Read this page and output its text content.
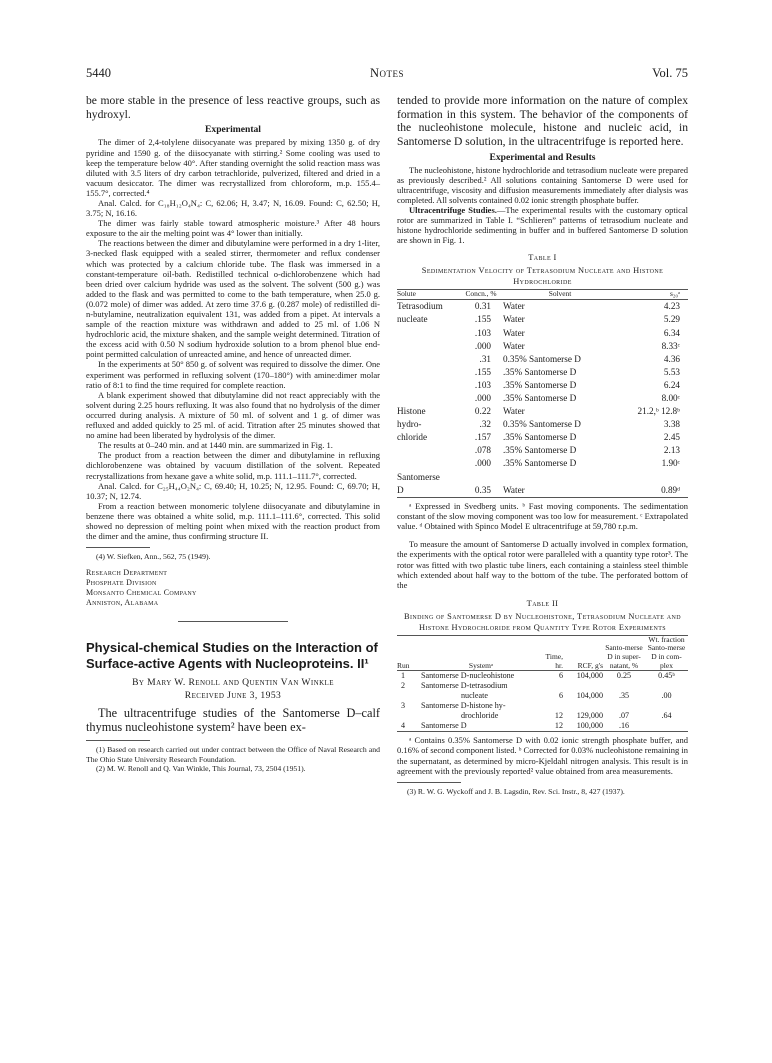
5440	Notes	Vol. 75

be more stable in the presence of less reactive groups, such as hydroxyl.

Experimental

The dimer of 2,4-tolylene diisocyanate was prepared by mixing 1350 g. of dry pyridine and 1590 g. of the diisocyanate with stirring.² Some cooling was used to keep the temperature below 40°. After standing overnight the solid reaction mass was diluted with 3.5 liters of dry carbon tetrachloride, pulverized, filtered and dried in a vacuum desiccator. The dimer was recrystallized from chloroform, m.p. 155.4–155.7°, corrected.⁴

Anal. Calcd. for C₁₈H₁₂O₄N₄: C, 62.06; H, 3.47; N, 16.09. Found: C, 62.50; H, 3.75; N, 16.16.

The dimer was fairly stable toward atmospheric moisture.³ After 48 hours exposure to the air the melting point was 4° lower than initially.

The reactions between the dimer and dibutylamine were performed in a dry 1-liter, 3-necked flask equipped with a sealed stirrer, thermometer and reflux condenser which was protected by a calcium chloride tube. The flask was immersed in a constant-temperature oil-bath. Redistilled technical o-dichlorobenzene which had been dried over calcium hydride was used as the solvent. The solvent (500 g.) was added to the flask and was permitted to come to the bath temperature, when 25.0 g. (0.072 mole) of dimer was added. At zero time 37.6 g. (0.287 mole) of redistilled di-n-butylamine, neutralization equivalent 131, was added from a pipet. At intervals a sample of the reaction mixture was withdrawn and added to 25 ml. of 1.06 N hydrochloric acid, the mixture shaken, and the sample weight determined. Titration of the excess acid with 0.50 N sodium hydroxide solution to a brom phenol blue end-point permitted calculation of unreacted amine, and hence of unreacted dimer.

In the experiments at 50° 850 g. of solvent was required to dissolve the dimer. One experiment was performed in refluxing solvent (170–180°) with amine:dimer molar ratio of 8:1 to find the time required for complete reaction.

A blank experiment showed that dibutylamine did not react appreciably with the solvent during 2.25 hours refluxing. It was also found that no hydrolysis of the dimer occurred during analysis. A mixture of 50 ml. of solvent and 1 g. of dimer was refluxed and added quickly to 25 ml. of acid. Titration after 25 minutes showed that no amine had been liberated by hydrolysis of the dimer.

The results at 0–240 min. and at 1440 min. are summarized in Fig. 1.

The product from a reaction between the dimer and dibutylamine in refluxing dichlorobenzene was obtained by vacuum distillation of the solvent. Repeated recrystallizations from hexane gave a white solid, m.p. 111.1–111.7°, corrected.

Anal. Calcd. for C₂₅H₄₄O₂N₄: C, 69.40; H, 10.25; N, 12.95. Found: C, 69.70; H, 10.37; N, 12.74.

From a reaction between monomeric tolylene diisocyanate and dibutylamine in benzene there was obtained a white solid, m.p. 111.1–111.6°, corrected. This solid showed no depression of melting point when mixed with the reaction product from the dimer and the amine, thus confirming structure II.

(4) W. Siefken, Ann., 562, 75 (1949).

Research Department
Phosphate Division
Monsanto Chemical Company
Anniston, Alabama
Physical-chemical Studies on the Interaction of Surface-active Agents with Nucleoproteins. II¹
By Mary W. Renoll and Quentin Van Winkle
Received June 3, 1953

The ultracentrifuge studies of the Santomerse D–calf thymus nucleohistone system² have been ex-

(1) Based on research carried out under contract between the Office of Naval Research and The Ohio State University Research Foundation.

(2) M. W. Renoll and Q. Van Winkle, This Journal, 73, 2504 (1951).

tended to provide more information on the nature of complex formation in this system. The behavior of the components of the nucleohistone molecule, histone and nucleic acid, in Santomerse D solution, in the ultracentrifuge is reported here.

Experimental and Results

The nucleohistone, histone hydrochloride and tetrasodium nucleate were prepared as previously described.² All solutions containing Santomerse D were used for ultracentrifuge, viscosity and diffusion measurements immediately after dialysis was completed. All solvents contained 0.02 ionic strength phosphate buffer.

Ultracentrifuge Studies.—The experimental results with the customary optical rotor are summarized in Table I. “Schlieren” patterns of tetrasodium nucleate and histone hydrochloride sedimenting in buffer and in buffered Santomerse D solution are shown in Fig. 1.

Table I
Sedimentation Velocity of Tetrasodium Nucleate and Histone Hydrochloride
Solute	Concn., %	Solvent	s₂₀ᵃ
Tetrasodium	0.31	Water	4.23
nucleate	.155	Water	5.29
	.103	Water	6.34
	.000	Water	8.33ᶜ
	.31	0.35% Santomerse D	4.36
	.155	.35% Santomerse D	5.53
	.103	.35% Santomerse D	6.24
	.000	.35% Santomerse D	8.00ᶜ
Histone	0.22	Water	21.2,ᵇ 12.8ᵇ
hydro-	.32	0.35% Santomerse D	3.38
chloride	.157	.35% Santomerse D	2.45
	.078	.35% Santomerse D	2.13
	.000	.35% Santomerse D	1.90ᶜ
Santomerse			
D	0.35	Water	0.89ᵈ

ᵃ Expressed in Svedberg units. ᵇ Fast moving components. The sedimentation constant of the slow moving component was too low for measurement. ᶜ Extrapolated value. ᵈ Obtained with Spinco Model E ultracentrifuge at 59,780 r.p.m.

To measure the amount of Santomerse D actually involved in complex formation, the experiments with the optical rotor were paralleled with a quantity type rotor³. The rotor was fitted with two plastic tube liners, each containing a stainless steel thimble which extended about half way to the bottom of the tube. The perforated bottom of the

Table II
Binding of Santomerse D by Nucleohistone, Tetrasodium Nucleate and Histone Hydrochloride from Quantity Type Rotor Experiments
Run	Systemᵃ	Time, hr.	RCF, g's	Santo-merse D in super-natant, %	Wt. fraction Santo-merse D in com-plex
1	Santomerse D-nucleohistone	6	104,000	0.25	0.45ᵇ
2	Santomerse D-tetrasodium				
	nucleate	6	104,000	.35	.00
3	Santomerse D-histone hy-				
	drochloride	12	129,000	.07	.64
4	Santomerse D	12	100,000	.16	

ᵃ Contains 0.35% Santomerse D with 0.02 ionic strength phosphate buffer, and 0.16% of second component listed. ᵇ Corrected for 0.03% nucleohistone remaining in the supernatant, as determined by micro-Kjeldahl nitrogen analysis. This result is in agreement with the previously reported² value obtained from area measurements.

(3) R. W. G. Wyckoff and J. B. Lagsdin, Rev. Sci. Instr., 8, 427 (1937).
